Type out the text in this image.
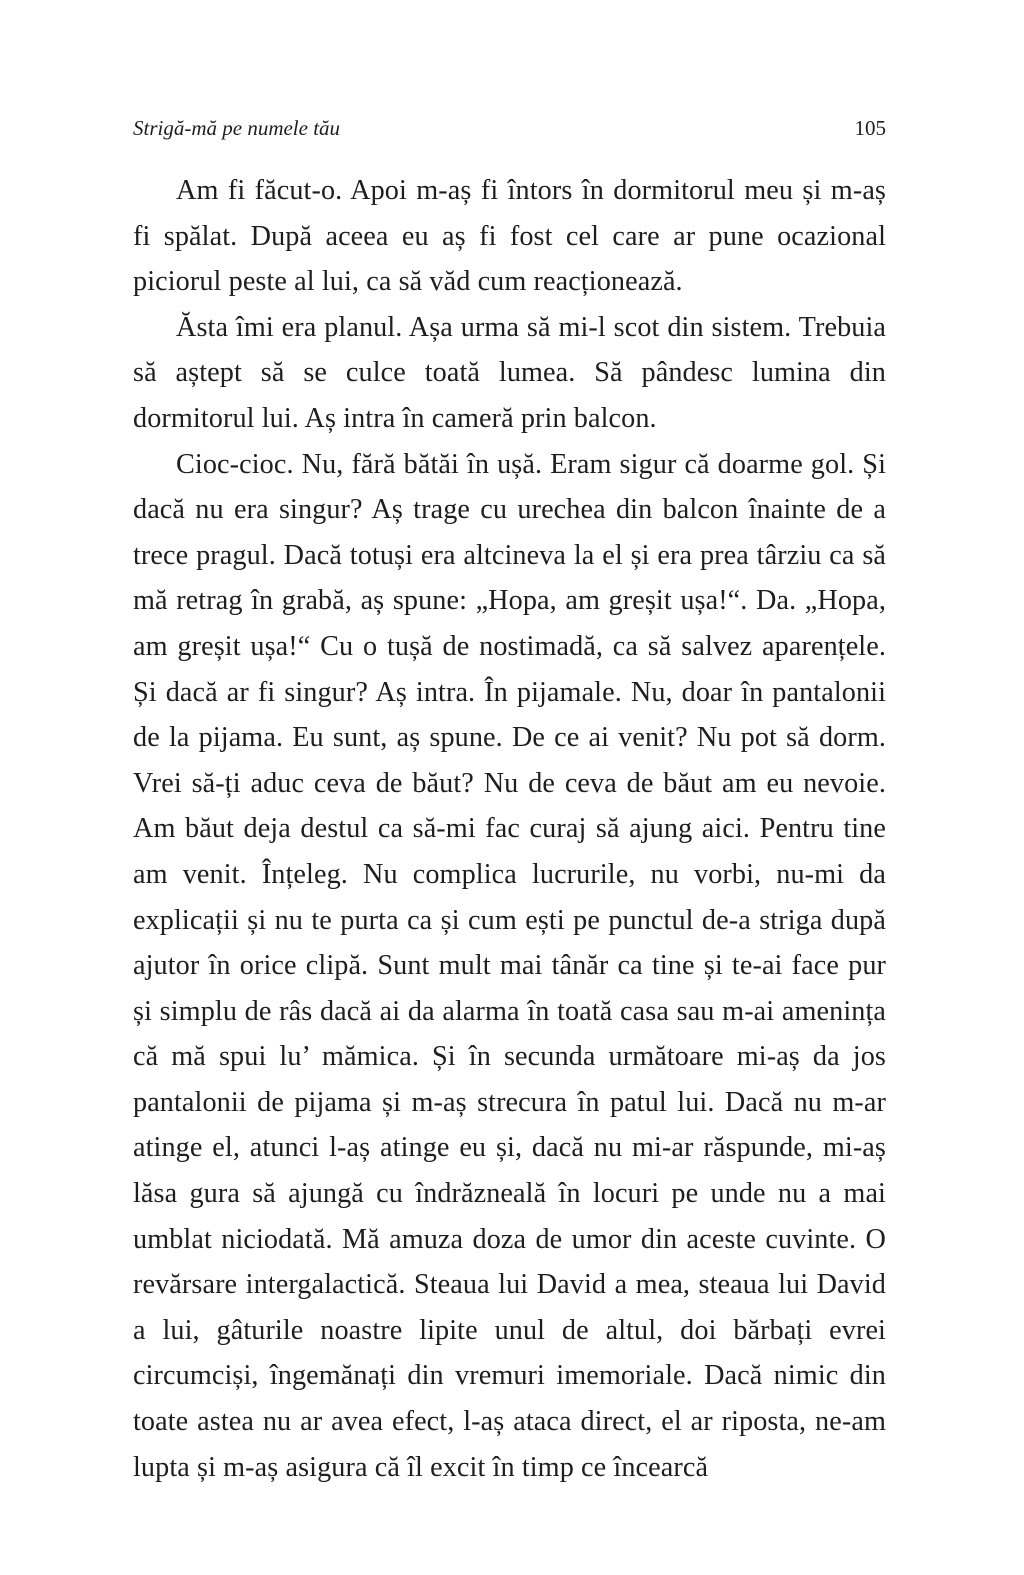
Strigă-mă pe numele tău	105

Am fi făcut-o. Apoi m-aș fi întors în dormitorul meu și m-aș fi spălat. După aceea eu aș fi fost cel care ar pune ocazional piciorul peste al lui, ca să văd cum reacționează.

Ăsta îmi era planul. Așa urma să mi-l scot din sistem. Trebuia să aștept să se culce toată lumea. Să pândesc lumina din dormitorul lui. Aș intra în cameră prin balcon.

Cioc-cioc. Nu, fără bătăi în ușă. Eram sigur că doarme gol. Și dacă nu era singur? Aș trage cu urechea din balcon înainte de a trece pragul. Dacă totuși era altcineva la el și era prea târziu ca să mă retrag în grabă, aș spune: „Hopa, am greșit ușa!“. Da. „Hopa, am greșit ușa!“ Cu o tușă de nostimadă, ca să salvez aparențele. Și dacă ar fi singur? Aș intra. În pijamale. Nu, doar în pantalonii de la pijama. Eu sunt, aș spune. De ce ai venit? Nu pot să dorm. Vrei să-ți aduc ceva de băut? Nu de ceva de băut am eu nevoie. Am băut deja destul ca să-mi fac curaj să ajung aici. Pentru tine am venit. Înțeleg. Nu complica lucrurile, nu vorbi, nu-mi da explicații și nu te purta ca și cum ești pe punctul de-a striga după ajutor în orice clipă. Sunt mult mai tânăr ca tine și te-ai face pur și simplu de râs dacă ai da alarma în toată casa sau m-ai amenința că mă spui lu’ mămica. Și în secunda următoare mi-aș da jos pantalonii de pijama și m-aș strecura în patul lui. Dacă nu m-ar atinge el, atunci l-aș atinge eu și, dacă nu mi-ar răspunde, mi-aș lăsa gura să ajungă cu îndrăzneală în locuri pe unde nu a mai umblat niciodată. Mă amuza doza de umor din aceste cuvinte. O revărsare intergalactică. Steaua lui David a mea, steaua lui David a lui, gâturile noastre lipite unul de altul, doi bărbați evrei circumciși, îngemănați din vremuri imemoriale. Dacă nimic din toate astea nu ar avea efect, l-aș ataca direct, el ar riposta, ne-am lupta și m-aș asigura că îl excit în timp ce încearcă
